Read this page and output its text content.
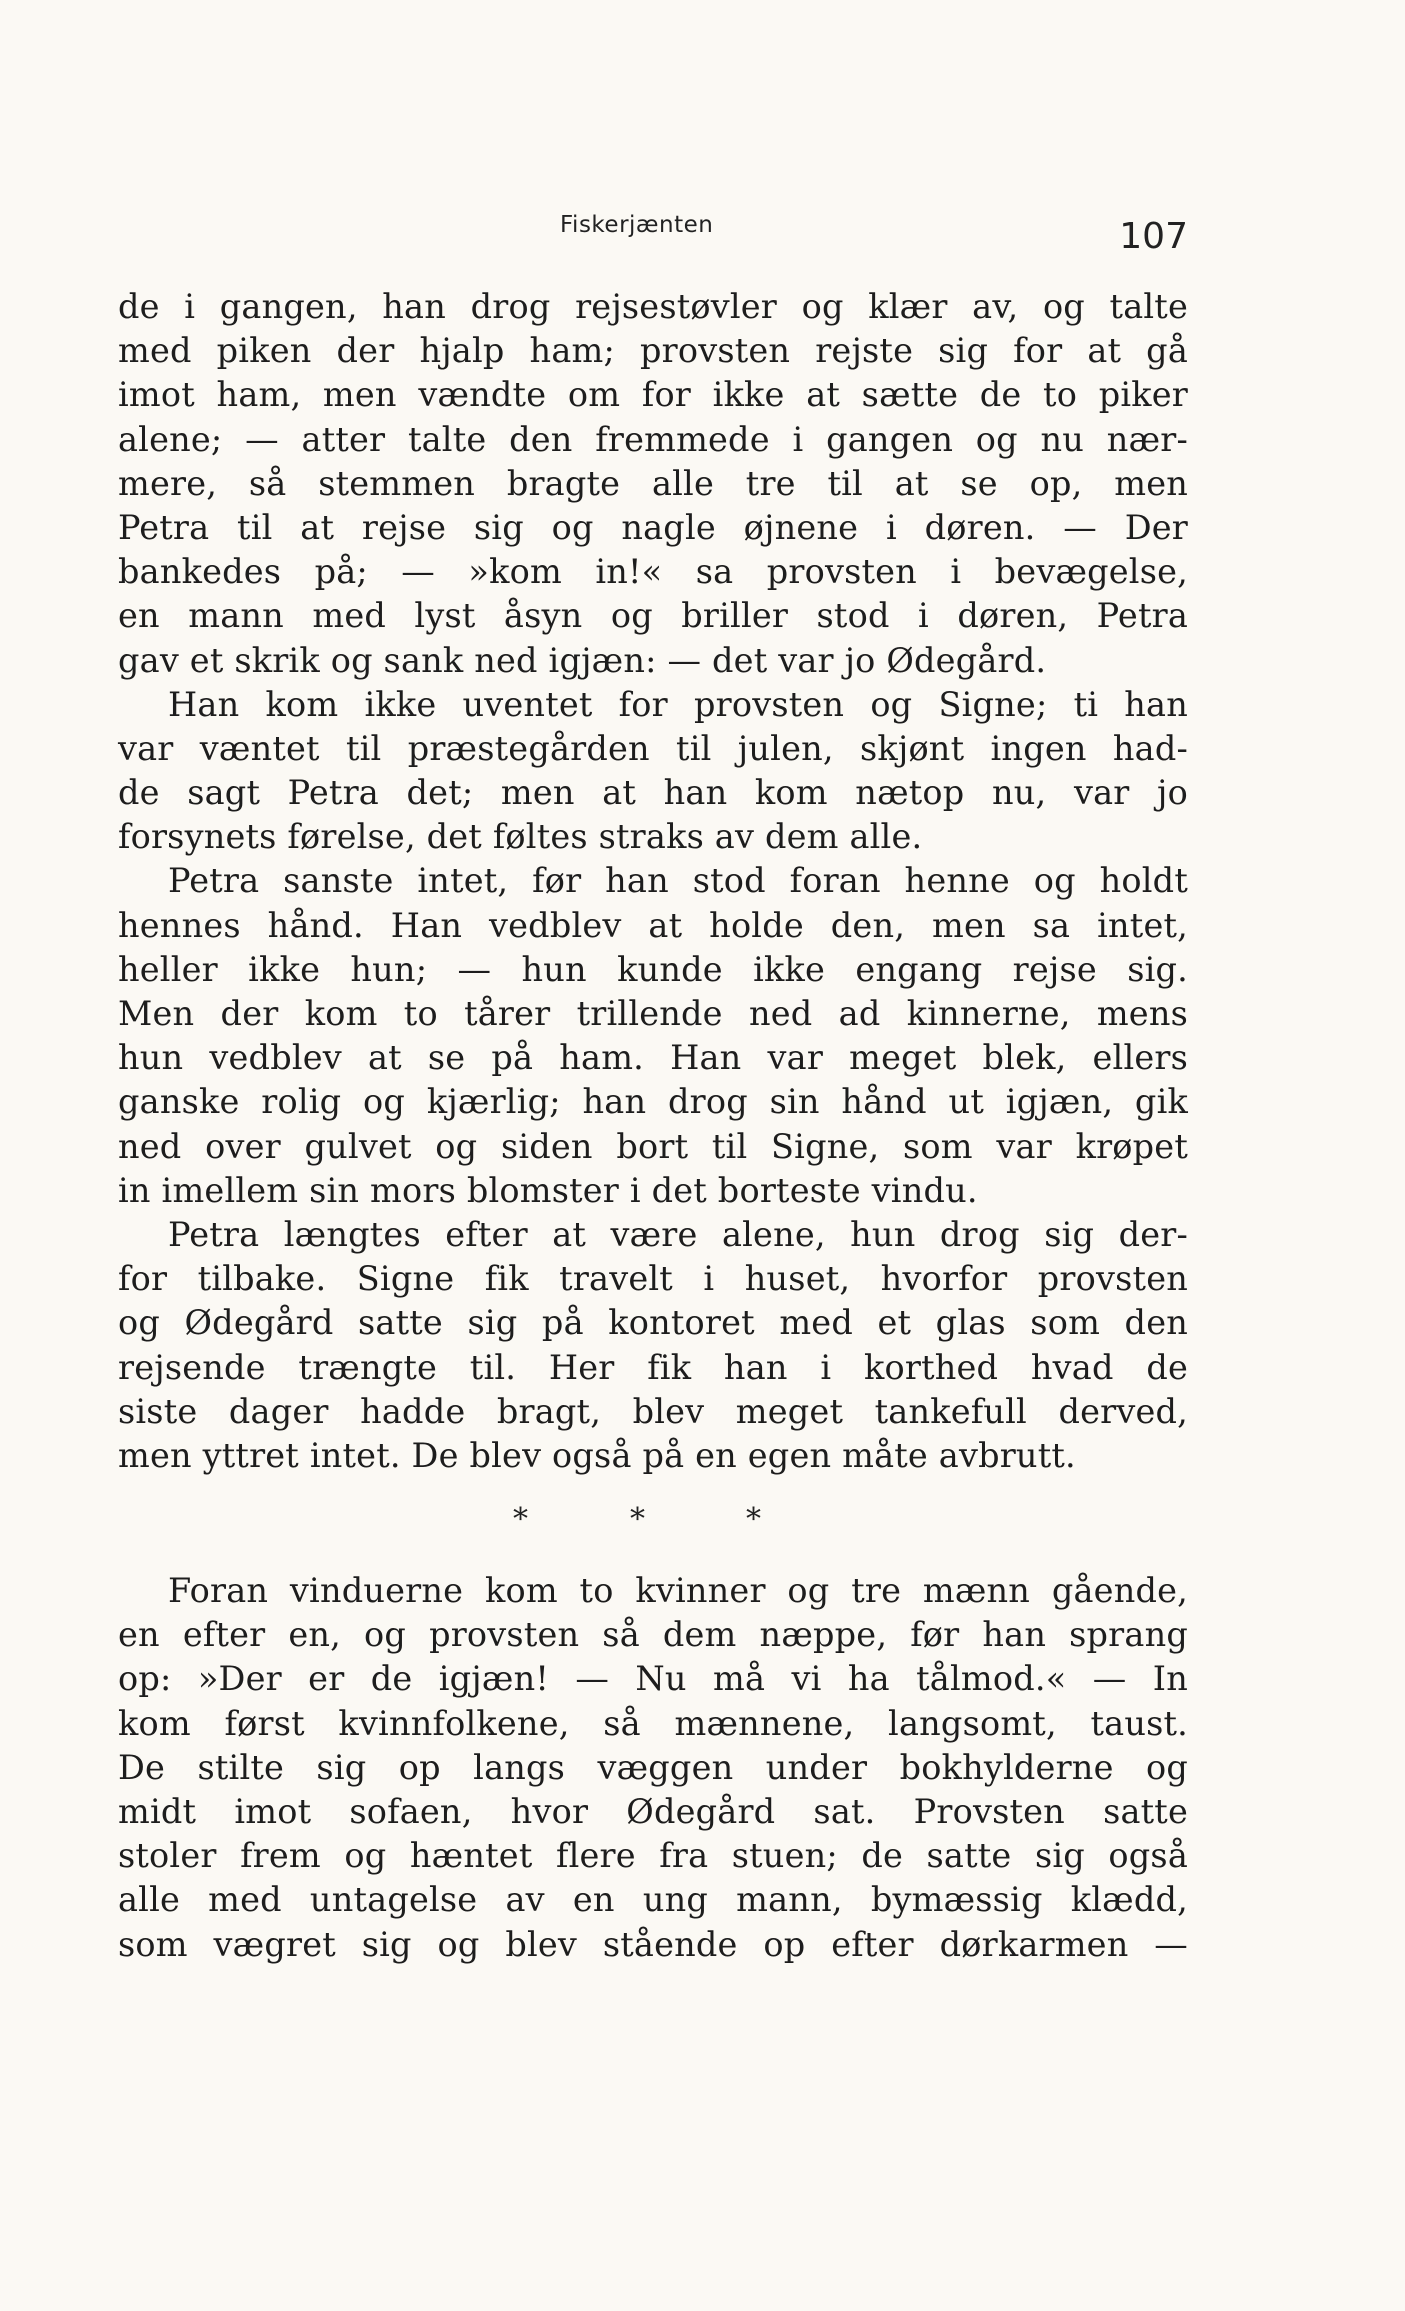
Fiskerjænten	107
de i gangen, han drog rejsestøvler og klær av, og talte
med piken der hjalp ham; provsten rejste sig for at gå
imot ham, men vændte om for ikke at sætte de to piker
alene; — atter talte den fremmede i gangen og nu nær-
mere, så stemmen bragte alle tre til at se op, men
Petra til at rejse sig og nagle øjnene i døren. — Der
bankedes på; — »kom in!« sa provsten i bevægelse,
en mann med lyst åsyn og briller stod i døren, Petra
gav et skrik og sank ned igjæn: — det var jo Ødegård.
Han kom ikke uventet for provsten og Signe; ti han
var væntet til præstegården til julen, skjønt ingen had-
de sagt Petra det; men at han kom nætop nu, var jo
forsynets førelse, det føltes straks av dem alle.
Petra sanste intet, før han stod foran henne og holdt
hennes hånd. Han vedblev at holde den, men sa intet,
heller ikke hun; — hun kunde ikke engang rejse sig.
Men der kom to tårer trillende ned ad kinnerne, mens
hun vedblev at se på ham. Han var meget blek, ellers
ganske rolig og kjærlig; han drog sin hånd ut igjæn, gik
ned over gulvet og siden bort til Signe, som var krøpet
in imellem sin mors blomster i det borteste vindu.
Petra længtes efter at være alene, hun drog sig der-
for tilbake. Signe fik travelt i huset, hvorfor provsten
og Ødegård satte sig på kontoret med et glas som den
rejsende trængte til. Her fik han i korthed hvad de
siste dager hadde bragt, blev meget tankefull derved,
men yttret intet. De blev også på en egen måte avbrutt.
*	*	*
Foran vinduerne kom to kvinner og tre mænn gående,
en efter en, og provsten så dem næppe, før han sprang
op: »Der er de igjæn! — Nu må vi ha tålmod.« — In
kom først kvinnfolkene, så mænnene, langsomt, taust.
De stilte sig op langs væggen under bokhylderne og
midt imot sofaen, hvor Ødegård sat. Provsten satte
stoler frem og hæntet flere fra stuen; de satte sig også
alle med untagelse av en ung mann, bymæssig klædd,
som vægret sig og blev stående op efter dørkarmen —
